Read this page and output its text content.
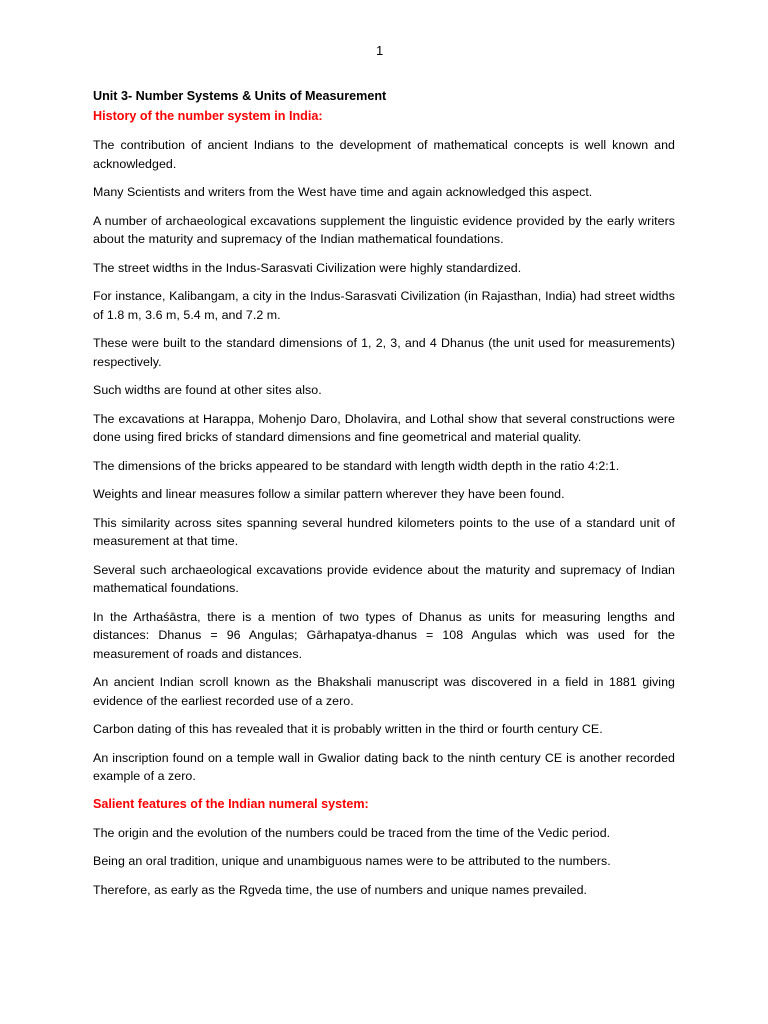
1
Unit 3- Number Systems & Units of Measurement
History of the number system in India:

The contribution of ancient Indians to the development of mathematical concepts is well known and acknowledged.

Many Scientists and writers from the West have time and again acknowledged this aspect.

A number of archaeological excavations supplement the linguistic evidence provided by the early writers about the maturity and supremacy of the Indian mathematical foundations.

The street widths in the Indus-Sarasvati Civilization were highly standardized.

For instance, Kalibangam, a city in the Indus-Sarasvati Civilization (in Rajasthan, India) had street widths of 1.8 m, 3.6 m, 5.4 m, and 7.2 m.

These were built to the standard dimensions of 1, 2, 3, and 4 Dhanus (the unit used for measurements) respectively.

Such widths are found at other sites also.

The excavations at Harappa, Mohenjo Daro, Dholavira, and Lothal show that several constructions were done using fired bricks of standard dimensions and fine geometrical and material quality.

The dimensions of the bricks appeared to be standard with length width depth in the ratio 4:2:1.

Weights and linear measures follow a similar pattern wherever they have been found.

This similarity across sites spanning several hundred kilometers points to the use of a standard unit of measurement at that time.

Several such archaeological excavations provide evidence about the maturity and supremacy of Indian mathematical foundations.

In the Arthaśāstra, there is a mention of two types of Dhanus as units for measuring lengths and distances: Dhanus = 96 Angulas; Gārhapatya-dhanus = 108 Angulas which was used for the measurement of roads and distances.

An ancient Indian scroll known as the Bhakshali manuscript was discovered in a field in 1881 giving evidence of the earliest recorded use of a zero.

Carbon dating of this has revealed that it is probably written in the third or fourth century CE.

An inscription found on a temple wall in Gwalior dating back to the ninth century CE is another recorded example of a zero.

Salient features of the Indian numeral system:

The origin and the evolution of the numbers could be traced from the time of the Vedic period.

Being an oral tradition, unique and unambiguous names were to be attributed to the numbers.

Therefore, as early as the Rgveda time, the use of numbers and unique names prevailed.
